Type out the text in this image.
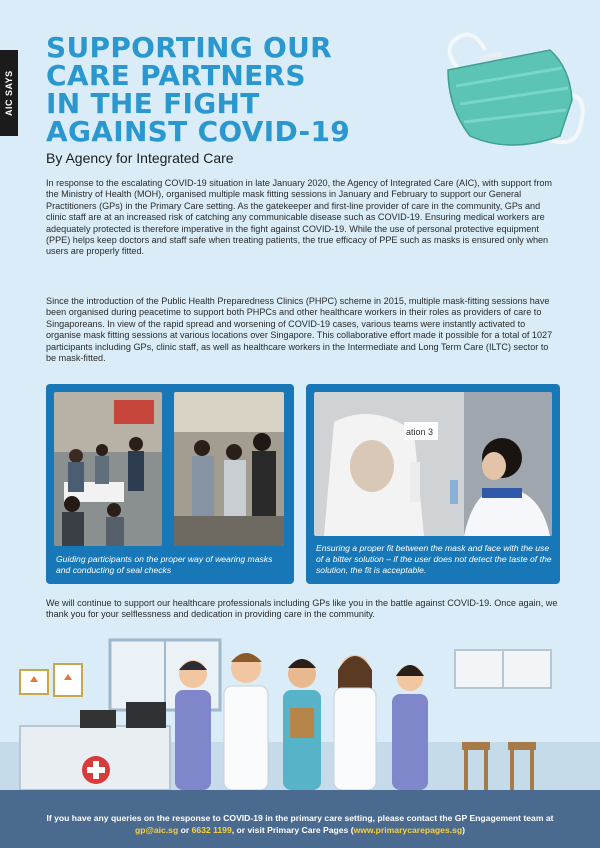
AIC SAYS
SUPPORTING OUR
CARE PARTNERS
IN THE FIGHT
AGAINST COVID-19

By Agency for Integrated Care

In response to the escalating COVID-19 situation in late January 2020, the Agency of Integrated Care (AIC), with support from the Ministry of Health (MOH), organised multiple mask fitting sessions in January and February to support our General Practitioners (GPs) in the Primary Care setting. As the gatekeeper and first-line provider of care in the community, GPs and clinic staff are at an increased risk of catching any communicable disease such as COVID-19. Ensuring medical workers are adequately protected is therefore imperative in the fight against COVID-19. While the use of personal protective equipment (PPE) helps keep doctors and staff safe when treating patients, the true efficacy of PPE such as masks is ensured only when users are properly fitted.

Since the introduction of the Public Health Preparedness Clinics (PHPC) scheme in 2015, multiple mask-fitting sessions have been organised during peacetime to support both PHPCs and other healthcare workers in their roles as providers of care to Singaporeans. In view of the rapid spread and worsening of COVID-19 cases, various teams were instantly activated to organise mask fitting sessions at various locations over Singapore. This collaborative effort made it possible for a total of 1027 participants including GPs, clinic staff, as well as healthcare workers in the Intermediate and Long Term Care (ILTC) sector to be mask-fitted.

Guiding participants on the proper way of wearing masks and conducting of seal checks

ation 3

Ensuring a proper fit between the mask and face with the use of a bitter solution – if the user does not detect the taste of the solution, the fit is acceptable.

We will continue to support our healthcare professionals including GPs like you in the battle against COVID-19. Once again, we thank you for your selflessness and dedication in providing care in the community.

If you have any queries on the response to COVID-19 in the primary care setting, please contact the GP Engagement team at gp@aic.sg or 6632 1199, or visit Primary Care Pages (www.primarycarepages.sg)
